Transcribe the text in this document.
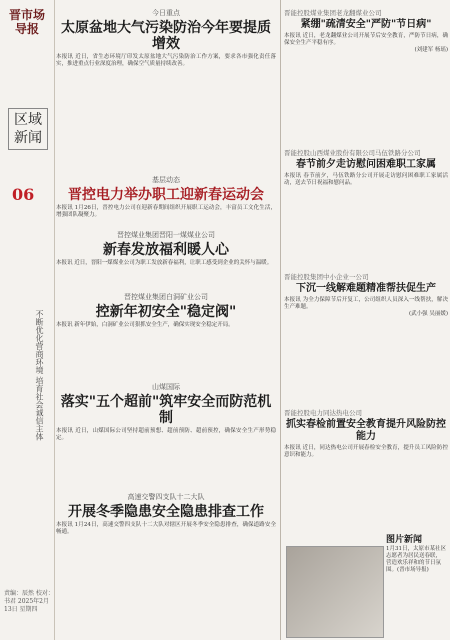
晋市场导报
区域新闻
06
不断优化营商环境 培育社会诚信主体
责编：辰然 校对：书君 2025年2月13日 星期四
今日重点
太原盆地大气污染防治今年要提质增效
本报讯 近日，省生态环境厅印发太原盆地大气污染防治工作方案，要求各市强化责任落实，推进重点行业深度治理，确保空气质量持续改善。
基层动态
晋控电力举办职工迎新春运动会
本报讯 1月26日，晋控电力公司在迎新春期间组织开展职工运动会，丰富员工文化生活，增强团队凝聚力。
晋控煤业集团晋阳一煤煤业公司
新春发放福利暖人心
本报讯 近日，晋阳一煤煤业公司为职工发放新春福利，让职工感受到企业的关怀与温暖。
晋控煤业集团白洞矿业公司
控新年初安全"稳定阀"
本报讯 新年伊始，白洞矿业公司狠抓安全生产，确保实现安全稳定开局。
山煤国际
落实"五个超前"筑牢安全而防范机制
本报讯 近日，山煤国际公司坚持超前预想、超前预防、超前预控，确保安全生产形势稳定。
高速交警四支队十二大队
开展冬季隐患安全隐患排查工作
本报讯 1月24日，高速交警四支队十二大队对辖区开展冬季安全隐患排查，确保道路安全畅通。
晋能控股煤业集团老龙翻煤业公司
紧绷"疏清安全"严防"节日病"
本报讯 近日，老龙翻煤业公司开展节后安全教育，严防节日病，确保安全生产平稳有序。
(刘建军 杨瑶)
晋能控股山西煤业股份有限公司马伍铁路分公司
春节前夕走访慰问困难职工家属
本报讯 春节前夕，马伍铁路分公司开展走访慰问困难职工家属活动，送去节日祝福和慰问品。
晋能控股集团中小企业一公司
下沉一线解难题精准帮扶促生产
本报讯 为全力保障节后开复工，公司组织人员深入一线帮扶，解决生产难题。
(武小强 吴丽媛)
晋能控股电力同达热电公司
抓实春检前置安全教育提升风险防控能力
本报讯 近日，同达热电公司开展春检安全教育，提升员工风险防控意识和能力。
图片新闻
1月31日，太原市某社区志愿者为居民送春联，营造欢乐祥和的节日氛围。(晋市场导报)
